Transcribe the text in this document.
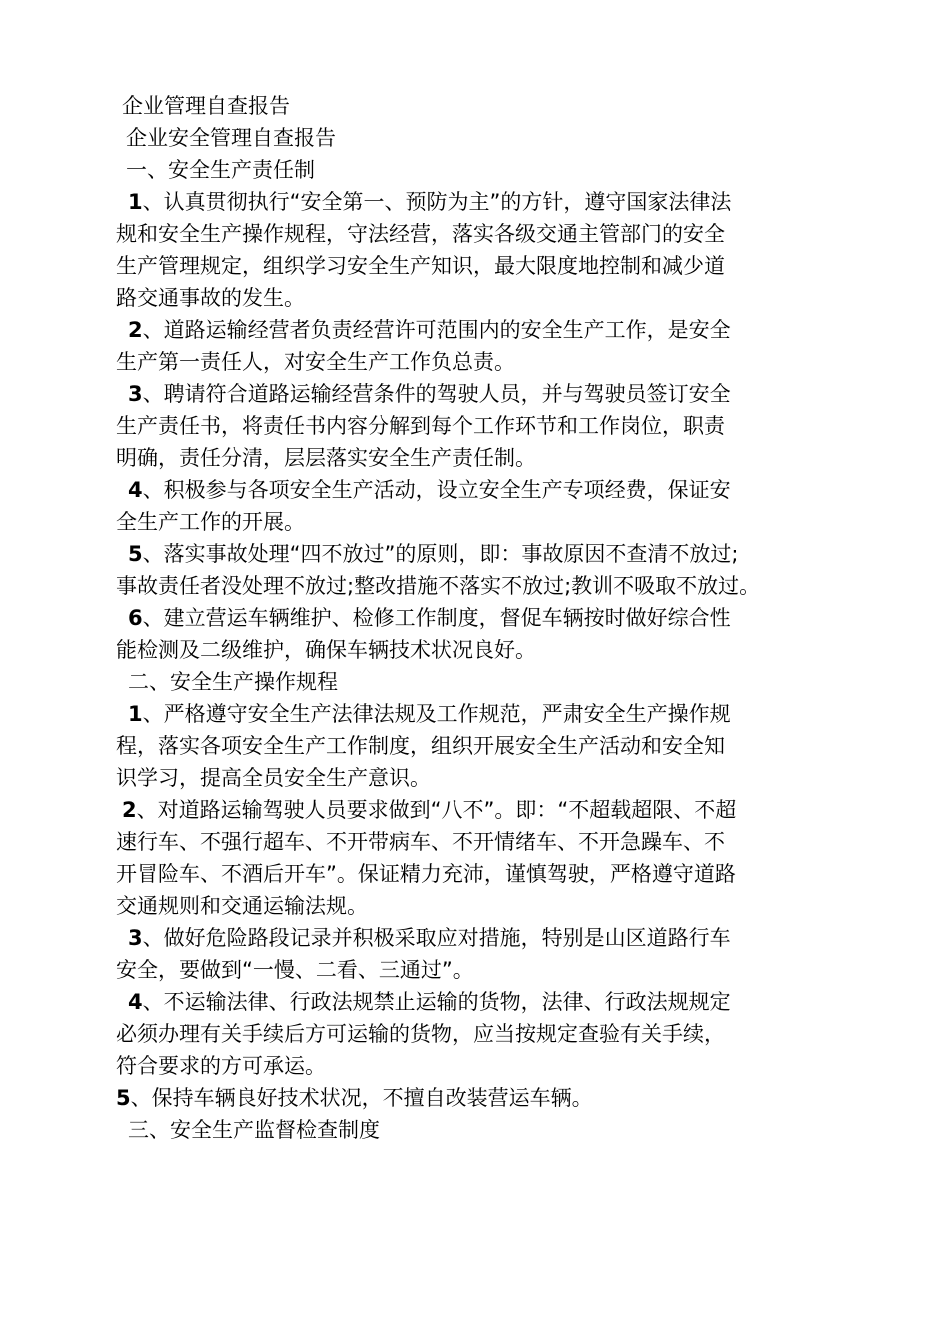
企业管理自查报告
企业安全管理自查报告
一、安全生产责任制
1、认真贯彻执行“安全第一、预防为主”的方针，遵守国家法律法
规和安全生产操作规程，守法经营，落实各级交通主管部门的安全
生产管理规定，组织学习安全生产知识，最大限度地控制和减少道
路交通事故的发生。
2、道路运输经营者负责经营许可范围内的安全生产工作，是安全
生产第一责任人，对安全生产工作负总责。
3、聘请符合道路运输经营条件的驾驶人员，并与驾驶员签订安全
生产责任书，将责任书内容分解到每个工作环节和工作岗位，职责
明确，责任分清，层层落实安全生产责任制。
4、积极参与各项安全生产活动，设立安全生产专项经费，保证安
全生产工作的开展。
5、落实事故处理“四不放过”的原则，即：事故原因不查清不放过;
事故责任者没处理不放过;整改措施不落实不放过;教训不吸取不放过。
6、建立营运车辆维护、检修工作制度，督促车辆按时做好综合性
能检测及二级维护，确保车辆技术状况良好。
二、安全生产操作规程
1、严格遵守安全生产法律法规及工作规范，严肃安全生产操作规
程，落实各项安全生产工作制度，组织开展安全生产活动和安全知
识学习，提高全员安全生产意识。
2、对道路运输驾驶人员要求做到“八不”。即：“不超载超限、不超
速行车、不强行超车、不开带病车、不开情绪车、不开急躁车、不
开冒险车、不酒后开车”。保证精力充沛，谨慎驾驶，严格遵守道路
交通规则和交通运输法规。
3、做好危险路段记录并积极采取应对措施，特别是山区道路行车
安全，要做到“一慢、二看、三通过”。
4、不运输法律、行政法规禁止运输的货物，法律、行政法规规定
必须办理有关手续后方可运输的货物，应当按规定查验有关手续，
符合要求的方可承运。
5、保持车辆良好技术状况，不擅自改装营运车辆。
三、安全生产监督检查制度
